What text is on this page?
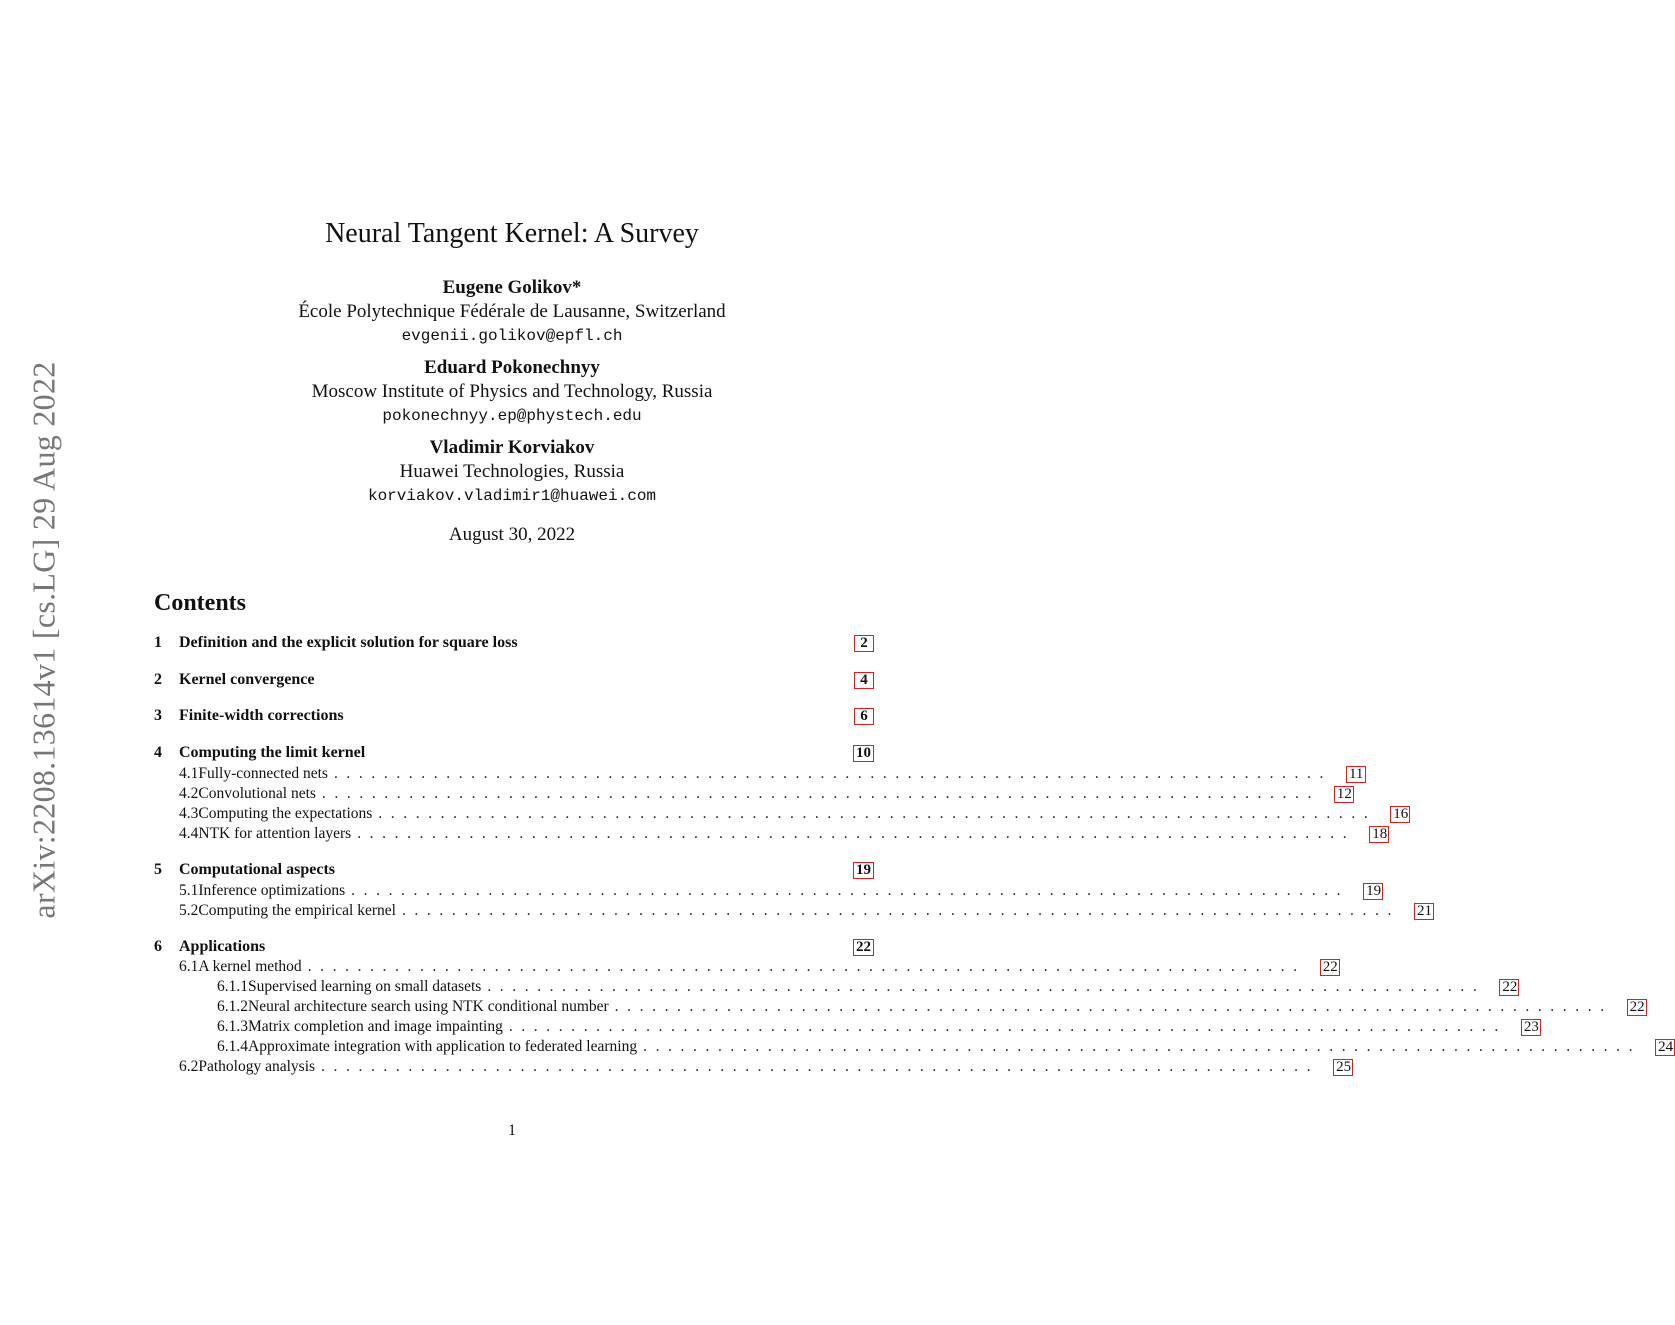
arXiv:2208.13614v1 [cs.LG] 29 Aug 2022
Neural Tangent Kernel: A Survey
Eugene Golikov*
École Polytechnique Fédérale de Lausanne, Switzerland
evgenii.golikov@epfl.ch
Eduard Pokonechnyy
Moscow Institute of Physics and Technology, Russia
pokonechnyy.ep@phystech.edu
Vladimir Korviakov
Huawei Technologies, Russia
korviakov.vladimir1@huawei.com
August 30, 2022
Contents
1	Definition and the explicit solution for square loss	2
2	Kernel convergence	4
3	Finite-width corrections	6
4	Computing the limit kernel	10
4.1 Fully-connected nets ................................................................................ 11
4.2 Convolutional nets ................................................................................ 12
4.3 Computing the expectations ................................................................................ 16
4.4 NTK for attention layers ................................................................................ 18
5	Computational aspects	19
5.1 Inference optimizations ................................................................................ 19
5.2 Computing the empirical kernel ................................................................................ 21
6	Applications	22
6.1 A kernel method ................................................................................ 22
6.1.1 Supervised learning on small datasets ................................................................................ 22
6.1.2 Neural architecture search using NTK conditional number ................................................................................ 22
6.1.3 Matrix completion and image impainting ................................................................................ 23
6.1.4 Approximate integration with application to federated learning ................................................................................ 24
6.2 Pathology analysis ................................................................................ 25
1
